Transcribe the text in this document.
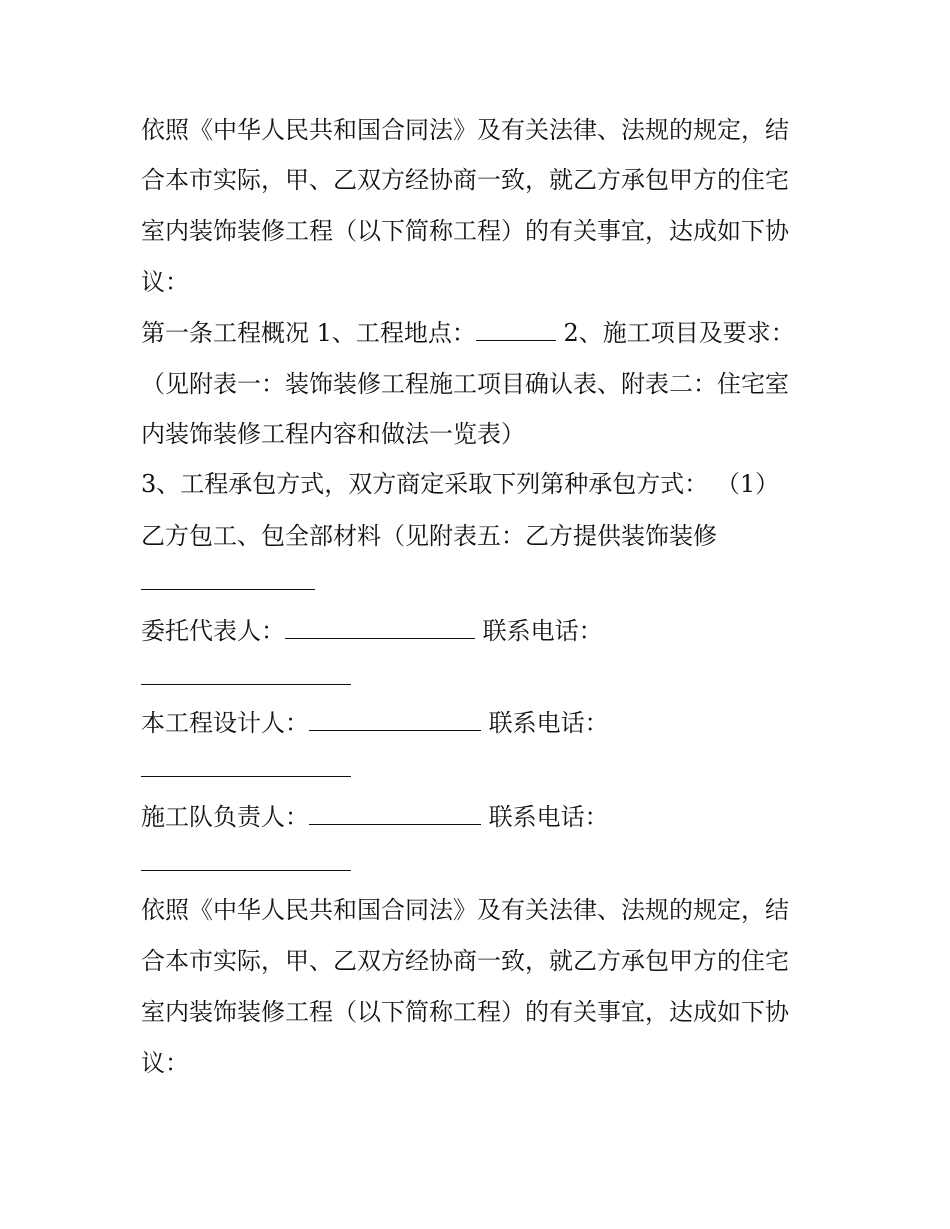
依照《中华人民共和国合同法》及有关法律、法规的规定，结
合本市实际，甲、乙双方经协商一致，就乙方承包甲方的住宅
室内装饰装修工程（以下简称工程）的有关事宜，达成如下协
议：
第一条工程概况 1、工程地点：	2、施工项目及要求：
（见附表一：装饰装修工程施工项目确认表、附表二：住宅室
内装饰装修工程内容和做法一览表）
3、工程承包方式，双方商定采取下列第种承包方式： （1）
乙方包工、包全部材料（见附表五：乙方提供装饰装修
委托代表人：	联系电话：
本工程设计人：	联系电话：
施工队负责人：	联系电话：
依照《中华人民共和国合同法》及有关法律、法规的规定，结
合本市实际，甲、乙双方经协商一致，就乙方承包甲方的住宅
室内装饰装修工程（以下简称工程）的有关事宜，达成如下协
议：
